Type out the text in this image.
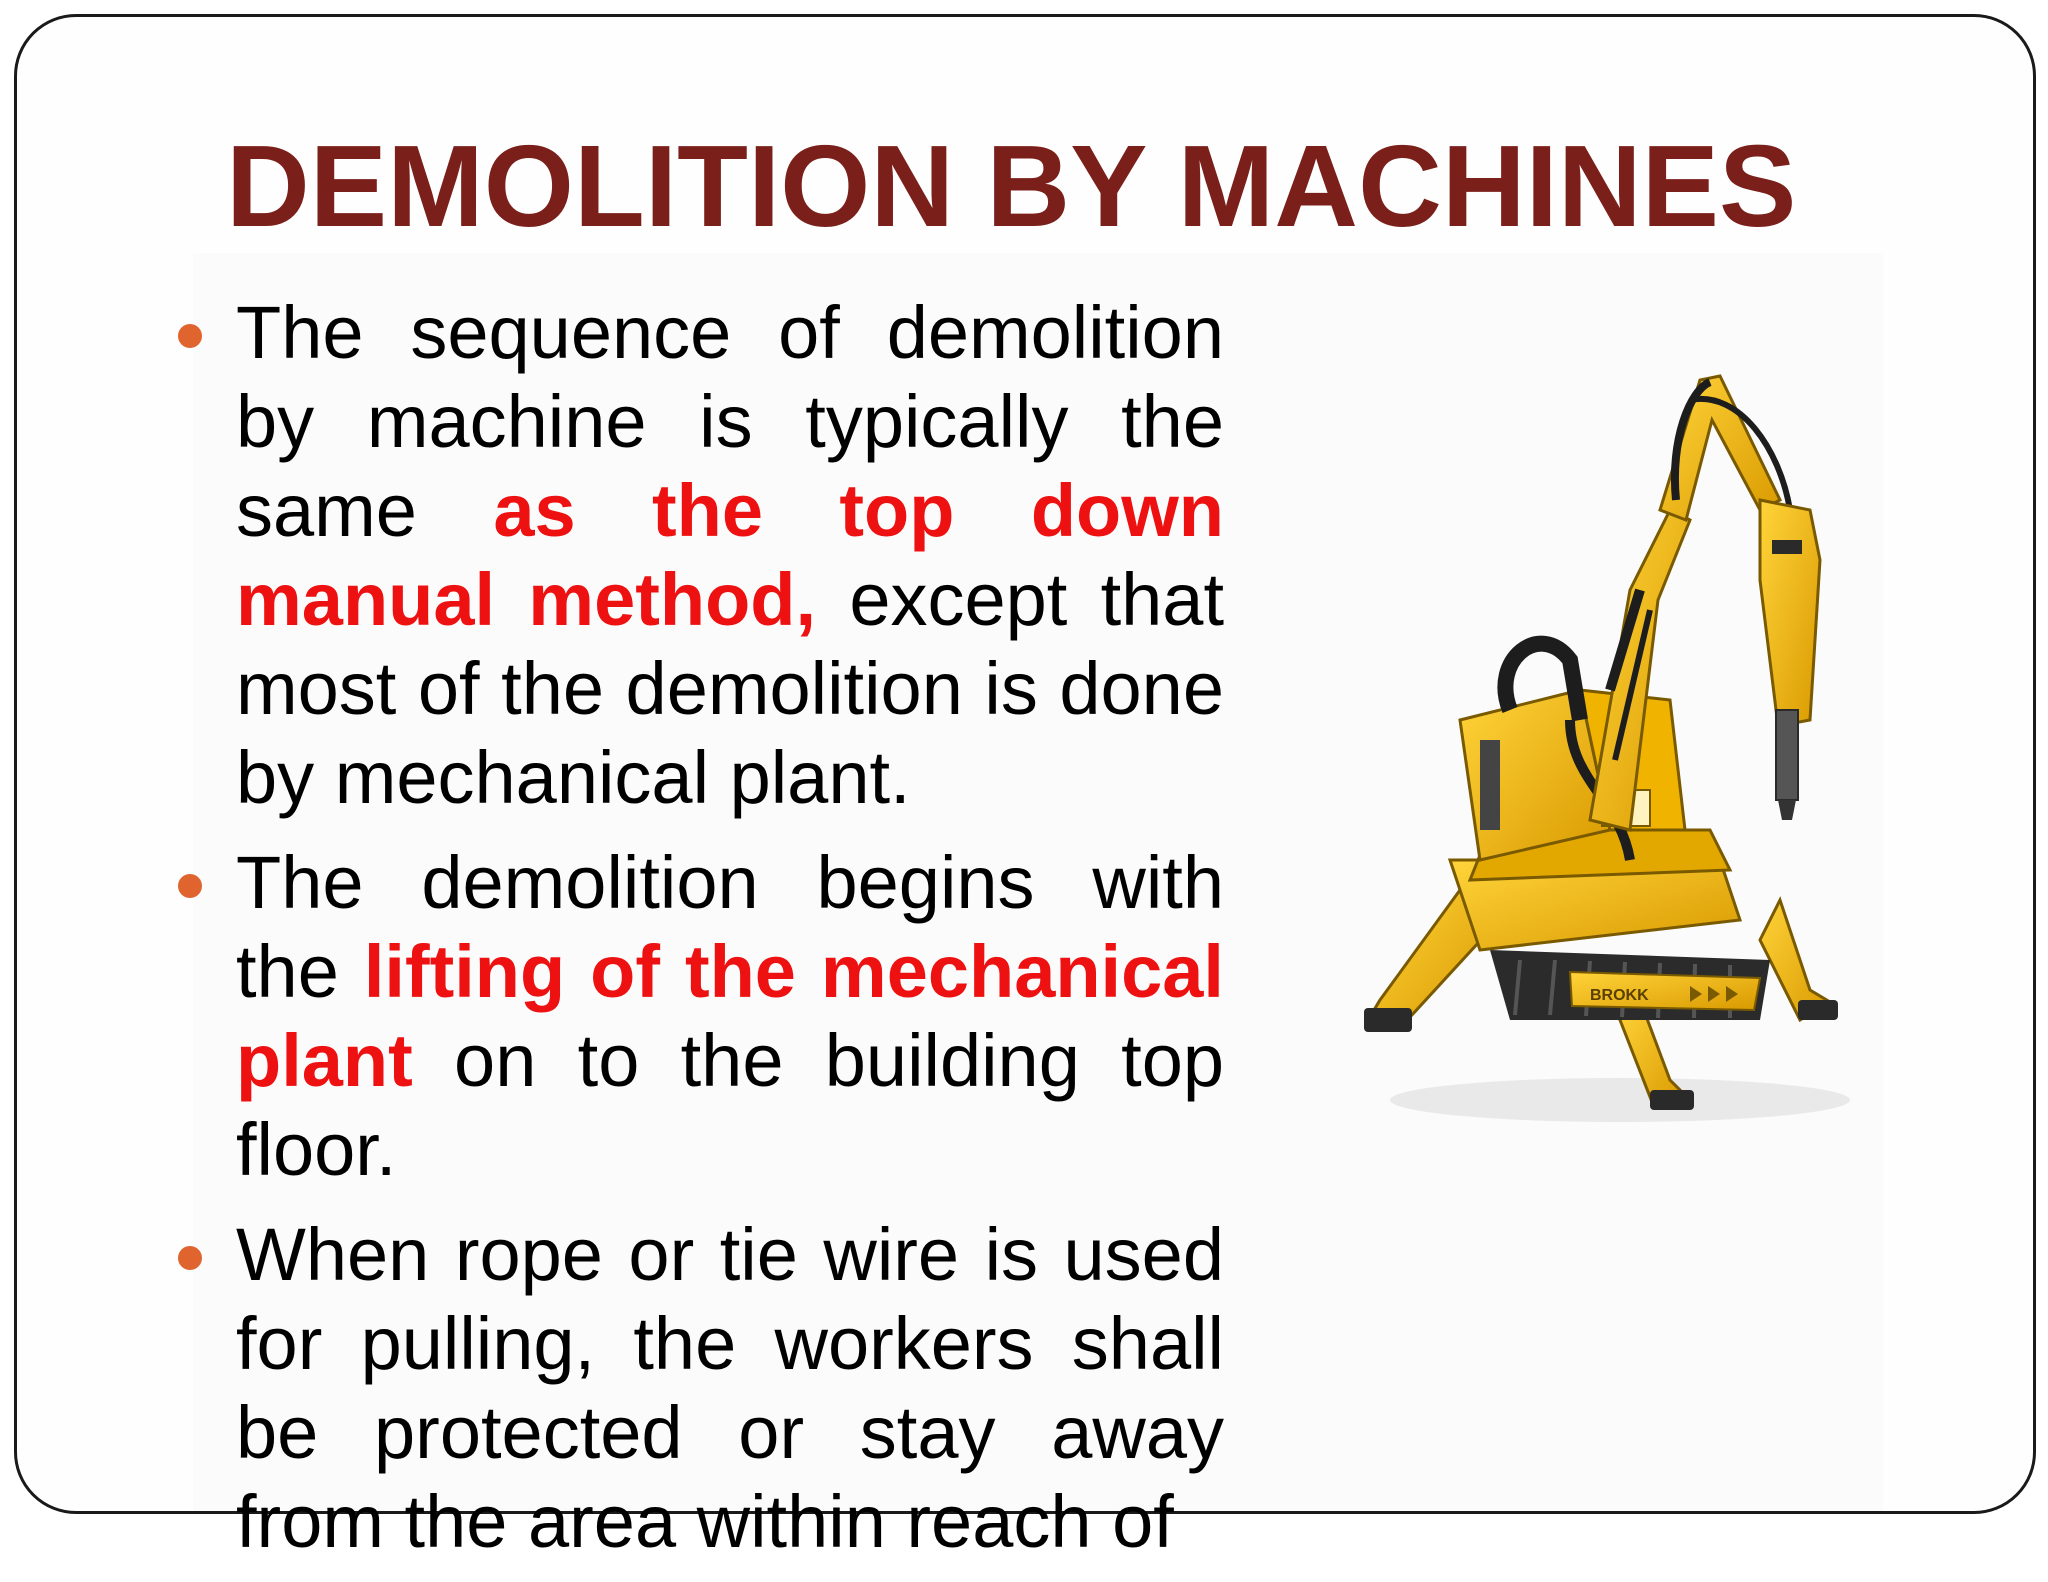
DEMOLITION BY MACHINES

The sequence of demolition by machine is typically the same as the top down manual method, except that most of the demolition is done by mechanical plant.

The demolition begins with the lifting of the mechanical plant on to the building top floor.

When rope or tie wire is used for pulling, the workers shall be protected or stay away from the area within reach of

BROKK
